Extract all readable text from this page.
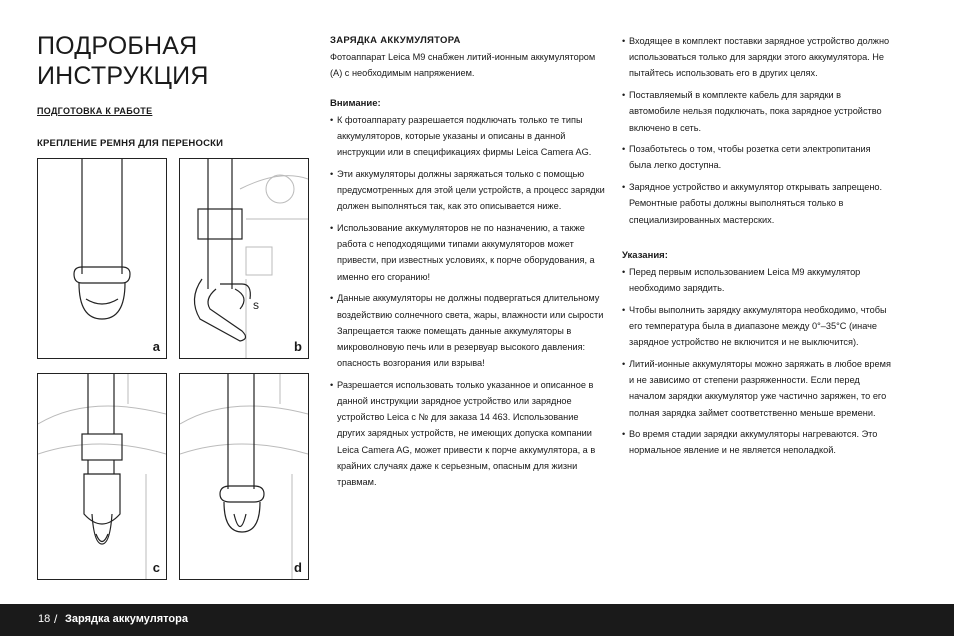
ПОДРОБНАЯ
ИНСТРУКЦИЯ
ПОДГОТОВКА К РАБОТЕ
КРЕПЛЕНИЕ РЕМНЯ ДЛЯ ПЕРЕНОСКИ
a
s
b
c	d
ЗАРЯДКА АККУМУЛЯТОРА

Фотоаппарат Leica M9 снабжен литий-ионным аккумулятором (A) с необходимым напряжением.

Внимание:
• К фотоаппарату разрешается подключать только те типы аккумуляторов, которые указаны и описаны в данной инструкции или в спецификациях фирмы Leica Camera AG.
• Эти аккумуляторы должны заряжаться только с помощью предусмотренных для этой цели устройств, а процесс зарядки должен выполняться так, как это описывается ниже.
• Использование аккумуляторов не по назначению, а также работа с неподходящими типами аккумуляторов может привести, при известных условиях, к порче оборудования, а именно его сгоранию!
• Данные аккумуляторы не должны подвергаться длительному воздействию солнечного света, жары, влажности или сырости Запрещается также помещать данные аккумуляторы в микроволновую печь или в резервуар высокого давления: опасность возгорания или взрыва!
• Разрешается использовать только указанное и описанное в данной инструкции зарядное устройство или зарядное устройство Leica с № для заказа 14 463. Использование других зарядных устройств, не имеющих допуска компании Leica Camera AG, может привести к порче аккумулятора, а в крайних случаях даже к серьезным, опасным для жизни травмам.
• Входящее в комплект поставки зарядное устройство должно использоваться только для зарядки этого аккумулятора. Не пытайтесь использовать его в других целях.
• Поставляемый в комплекте кабель для зарядки в автомобиле нельзя подключать, пока зарядное устройство включено в сеть.
• Позаботьтесь о том, чтобы розетка сети электропитания была легко доступна.
• Зарядное устройство и аккумулятор открывать запрещено. Ремонтные работы должны выполняться только в специализированных мастерских.
Указания:
• Перед первым использованием Leica M9 аккумулятор необходимо зарядить.
• Чтобы выполнить зарядку аккумулятора необходимо, чтобы его температура была в диапазоне между 0°–35°С (иначе зарядное устройство не включится и не выключится).
• Литий-ионные аккумуляторы можно заряжать в любое время и не зависимо от степени разряженности. Если перед началом зарядки аккумулятор уже частично заряжен, то его полная зарядка займет соответственно меньше времени.
• Во время стадии зарядки аккумуляторы нагреваются. Это нормальное явление и не является неполадкой.
18 / Зарядка аккумулятора
